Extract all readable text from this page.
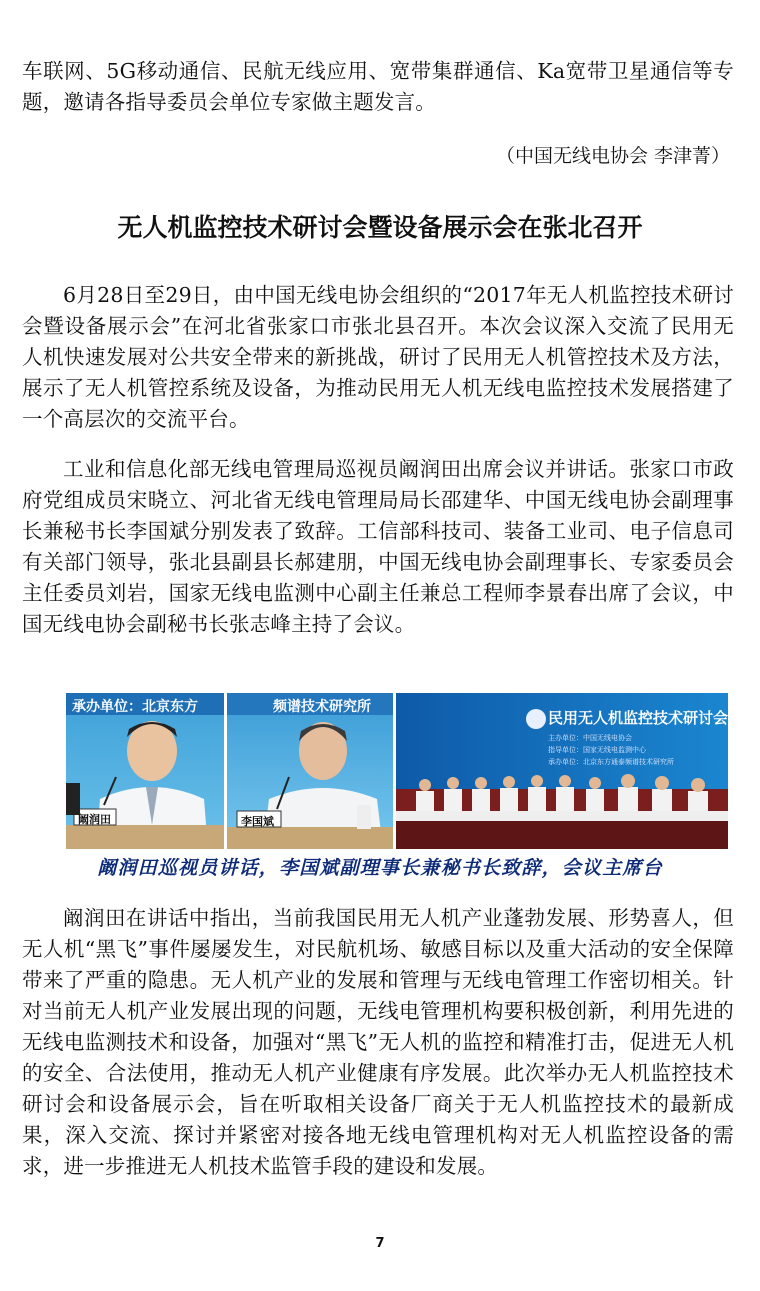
车联网、5G移动通信、民航无线应用、宽带集群通信、Ka宽带卫星通信等专题，邀请各指导委员会单位专家做主题发言。

（中国无线电协会 李津菁）

无人机监控技术研讨会暨设备展示会在张北召开

6月28日至29日，由中国无线电协会组织的“2017年无人机监控技术研讨会暨设备展示会”在河北省张家口市张北县召开。本次会议深入交流了民用无人机快速发展对公共安全带来的新挑战，研讨了民用无人机管控技术及方法，展示了无人机管控系统及设备，为推动民用无人机无线电监控技术发展搭建了一个高层次的交流平台。

工业和信息化部无线电管理局巡视员阚润田出席会议并讲话。张家口市政府党组成员宋晓立、河北省无线电管理局局长邵建华、中国无线电协会副理事长兼秘书长李国斌分别发表了致辞。工信部科技司、装备工业司、电子信息司有关部门领导，张北县副县长郝建朋，中国无线电协会副理事长、专家委员会主任委员刘岩，国家无线电监测中心副主任兼总工程师李景春出席了会议，中国无线电协会副秘书长张志峰主持了会议。

承办单位：北京东方
阚润田
频谱技术研究所
李国斌
民用无人机监控技术研讨会暨设
主办单位：中国无线电协会
指导单位：国家无线电监测中心
承办单位：北京东方通泰频谱技术研究所

阚润田巡视员讲话，李国斌副理事长兼秘书长致辞，会议主席台

阚润田在讲话中指出，当前我国民用无人机产业蓬勃发展、形势喜人，但无人机“黑飞”事件屡屡发生，对民航机场、敏感目标以及重大活动的安全保障带来了严重的隐患。无人机产业的发展和管理与无线电管理工作密切相关。针对当前无人机产业发展出现的问题，无线电管理机构要积极创新，利用先进的无线电监测技术和设备，加强对“黑飞”无人机的监控和精准打击，促进无人机的安全、合法使用，推动无人机产业健康有序发展。此次举办无人机监控技术研讨会和设备展示会，旨在听取相关设备厂商关于无人机监控技术的最新成果，深入交流、探讨并紧密对接各地无线电管理机构对无人机监控设备的需求，进一步推进无人机技术监管手段的建设和发展。

7
